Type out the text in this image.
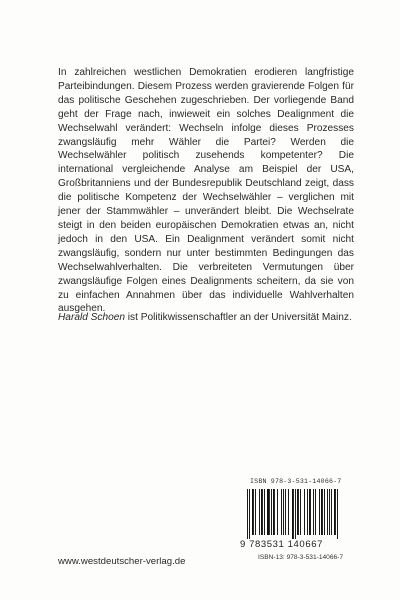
In zahlreichen westlichen Demokratien erodieren langfristige Parteibindungen. Diesem Prozess werden gravierende Folgen für das politische Geschehen zugeschrieben. Der vorliegende Band geht der Frage nach, inwieweit ein solches Dealignment die Wechselwahl verändert: Wechseln infolge dieses Prozesses zwangsläufig mehr Wähler die Partei? Werden die Wechselwähler politisch zusehends kompetenter? Die international vergleichende Analyse am Beispiel der USA, Großbritanniens und der Bundesrepublik Deutschland zeigt, dass die politische Kompetenz der Wechselwähler – verglichen mit jener der Stammwähler – unverändert bleibt. Die Wechselrate steigt in den beiden europäischen Demokratien etwas an, nicht jedoch in den USA. Ein Dealignment verändert somit nicht zwangsläufig, sondern nur unter bestimmten Bedingungen das Wechselwahlverhalten. Die verbreiteten Vermutungen über zwangsläufige Folgen eines Dealignments scheitern, da sie von zu einfachen Annahmen über das individuelle Wahlverhalten ausgehen.

Harald Schoen ist Politikwissenschaftler an der Universität Mainz.

ISBN 978-3-531-14066-7
9 783531 140667
ISBN-13: 978-3-531-14066-7
www.westdeutscher-verlag.de
